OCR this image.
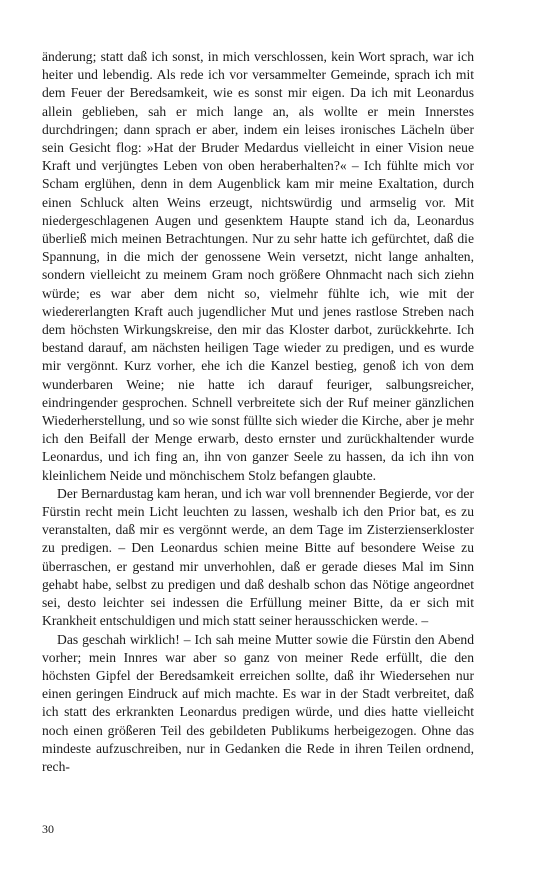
änderung; statt daß ich sonst, in mich verschlossen, kein Wort sprach, war ich heiter und lebendig. Als rede ich vor versammelter Gemeinde, sprach ich mit dem Feuer der Beredsamkeit, wie es sonst mir eigen. Da ich mit Leonardus allein geblieben, sah er mich lange an, als wollte er mein Innerstes durchdringen; dann sprach er aber, indem ein leises ironisches Lächeln über sein Gesicht flog: »Hat der Bruder Medardus vielleicht in einer Vision neue Kraft und verjüngtes Leben von oben heraberhalten?« – Ich fühlte mich vor Scham erglühen, denn in dem Augenblick kam mir meine Exaltation, durch einen Schluck alten Weins erzeugt, nichtswürdig und armselig vor. Mit niedergeschlagenen Augen und gesenktem Haupte stand ich da, Leonardus überließ mich meinen Betrachtungen. Nur zu sehr hatte ich gefürchtet, daß die Spannung, in die mich der genossene Wein versetzt, nicht lange anhalten, sondern vielleicht zu meinem Gram noch größere Ohnmacht nach sich ziehn würde; es war aber dem nicht so, vielmehr fühlte ich, wie mit der wiedererlangten Kraft auch jugendlicher Mut und jenes rastlose Streben nach dem höchsten Wirkungskreise, den mir das Kloster darbot, zurückkehrte. Ich bestand darauf, am nächsten heiligen Tage wieder zu predigen, und es wurde mir vergönnt. Kurz vorher, ehe ich die Kanzel bestieg, genoß ich von dem wunderbaren Weine; nie hatte ich darauf feuriger, salbungsreicher, eindringender gesprochen. Schnell verbreitete sich der Ruf meiner gänzlichen Wiederherstellung, und so wie sonst füllte sich wieder die Kirche, aber je mehr ich den Beifall der Menge erwarb, desto ernster und zurückhaltender wurde Leonardus, und ich fing an, ihn von ganzer Seele zu hassen, da ich ihn von kleinlichem Neide und mönchischem Stolz befangen glaubte.

Der Bernardustag kam heran, und ich war voll brennender Begierde, vor der Fürstin recht mein Licht leuchten zu lassen, weshalb ich den Prior bat, es zu veranstalten, daß mir es vergönnt werde, an dem Tage im Zisterzienserkloster zu predigen. – Den Leonardus schien meine Bitte auf besondere Weise zu überraschen, er gestand mir unverhohlen, daß er gerade dieses Mal im Sinn gehabt habe, selbst zu predigen und daß deshalb schon das Nötige angeordnet sei, desto leichter sei indessen die Erfüllung meiner Bitte, da er sich mit Krankheit entschuldigen und mich statt seiner herausschicken werde. –

Das geschah wirklich! – Ich sah meine Mutter sowie die Fürstin den Abend vorher; mein Innres war aber so ganz von meiner Rede erfüllt, die den höchsten Gipfel der Beredsamkeit erreichen sollte, daß ihr Wiedersehen nur einen geringen Eindruck auf mich machte. Es war in der Stadt verbreitet, daß ich statt des erkrankten Leonardus predigen würde, und dies hatte vielleicht noch einen größeren Teil des gebildeten Publikums herbeigezogen. Ohne das mindeste aufzuschreiben, nur in Gedanken die Rede in ihren Teilen ordnend, rech-

30
